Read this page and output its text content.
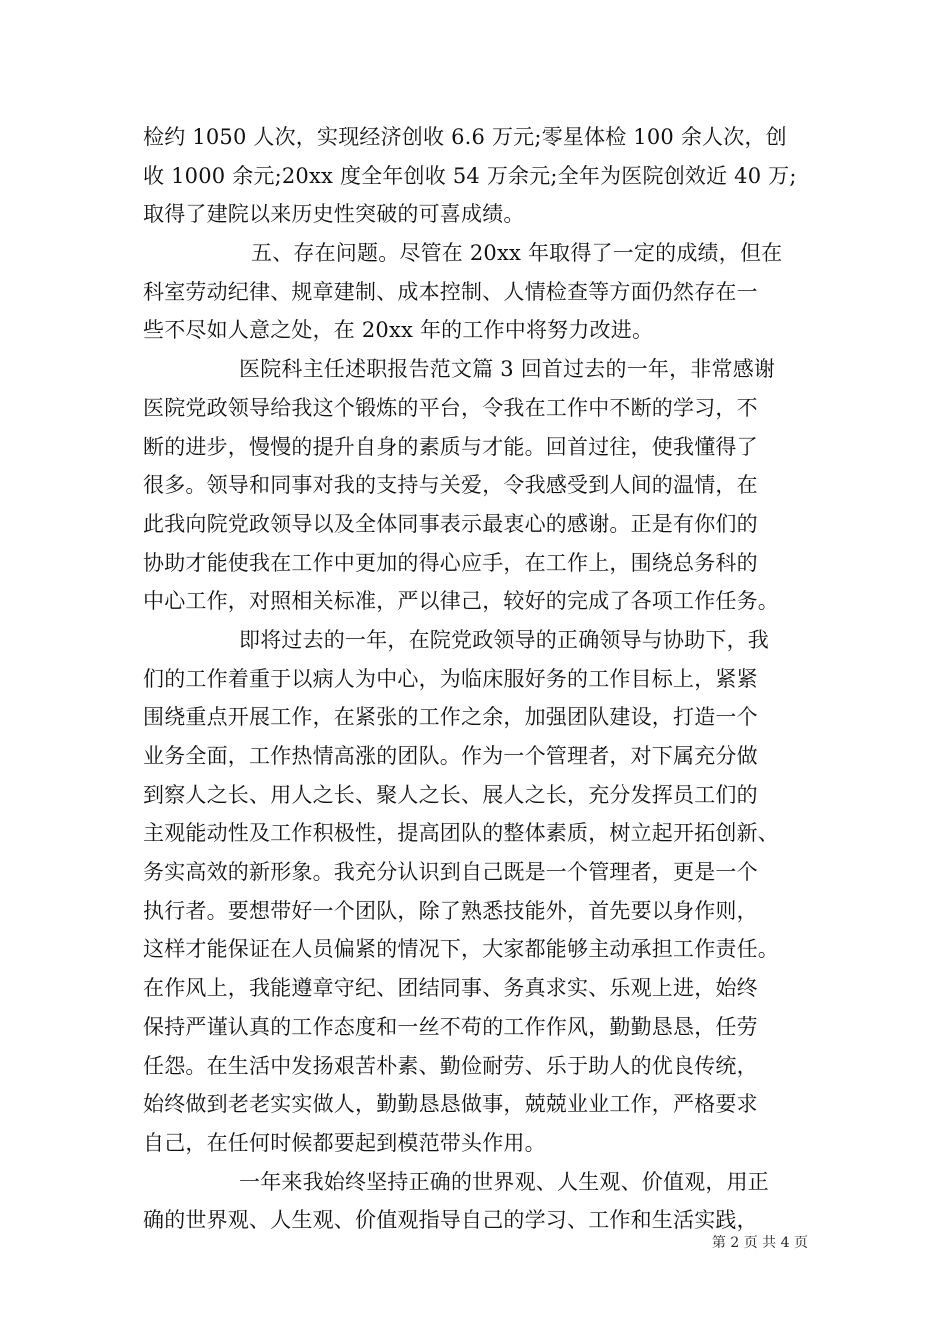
检约 1050 人次，实现经济创收 6.6 万元;零星体检 100 余人次，创
收 1000 余元;20xx 度全年创收 54 万余元;全年为医院创效近 40 万;
取得了建院以来历史性突破的可喜成绩。
五、存在问题。尽管在 20xx 年取得了一定的成绩，但在
科室劳动纪律、规章建制、成本控制、人情检查等方面仍然存在一
些不尽如人意之处，在 20xx 年的工作中将努力改进。
医院科主任述职报告范文篇 3 回首过去的一年，非常感谢
医院党政领导给我这个锻炼的平台，令我在工作中不断的学习，不
断的进步，慢慢的提升自身的素质与才能。回首过往，使我懂得了
很多。领导和同事对我的支持与关爱，令我感受到人间的温情，在
此我向院党政领导以及全体同事表示最衷心的感谢。正是有你们的
协助才能使我在工作中更加的得心应手，在工作上，围绕总务科的
中心工作，对照相关标准，严以律己，较好的完成了各项工作任务。
即将过去的一年，在院党政领导的正确领导与协助下，我
们的工作着重于以病人为中心，为临床服好务的工作目标上，紧紧
围绕重点开展工作，在紧张的工作之余，加强团队建设，打造一个
业务全面，工作热情高涨的团队。作为一个管理者，对下属充分做
到察人之长、用人之长、聚人之长、展人之长，充分发挥员工们的
主观能动性及工作积极性，提高团队的整体素质，树立起开拓创新、
务实高效的新形象。我充分认识到自己既是一个管理者，更是一个
执行者。要想带好一个团队，除了熟悉技能外，首先要以身作则，
这样才能保证在人员偏紧的情况下，大家都能够主动承担工作责任。
在作风上，我能遵章守纪、团结同事、务真求实、乐观上进，始终
保持严谨认真的工作态度和一丝不苟的工作作风，勤勤恳恳，任劳
任怨。在生活中发扬艰苦朴素、勤俭耐劳、乐于助人的优良传统，
始终做到老老实实做人，勤勤恳恳做事，兢兢业业工作，严格要求
自己，在任何时候都要起到模范带头作用。
一年来我始终坚持正确的世界观、人生观、价值观，用正
确的世界观、人生观、价值观指导自己的学习、工作和生活实践，
第 2 页 共 4 页
